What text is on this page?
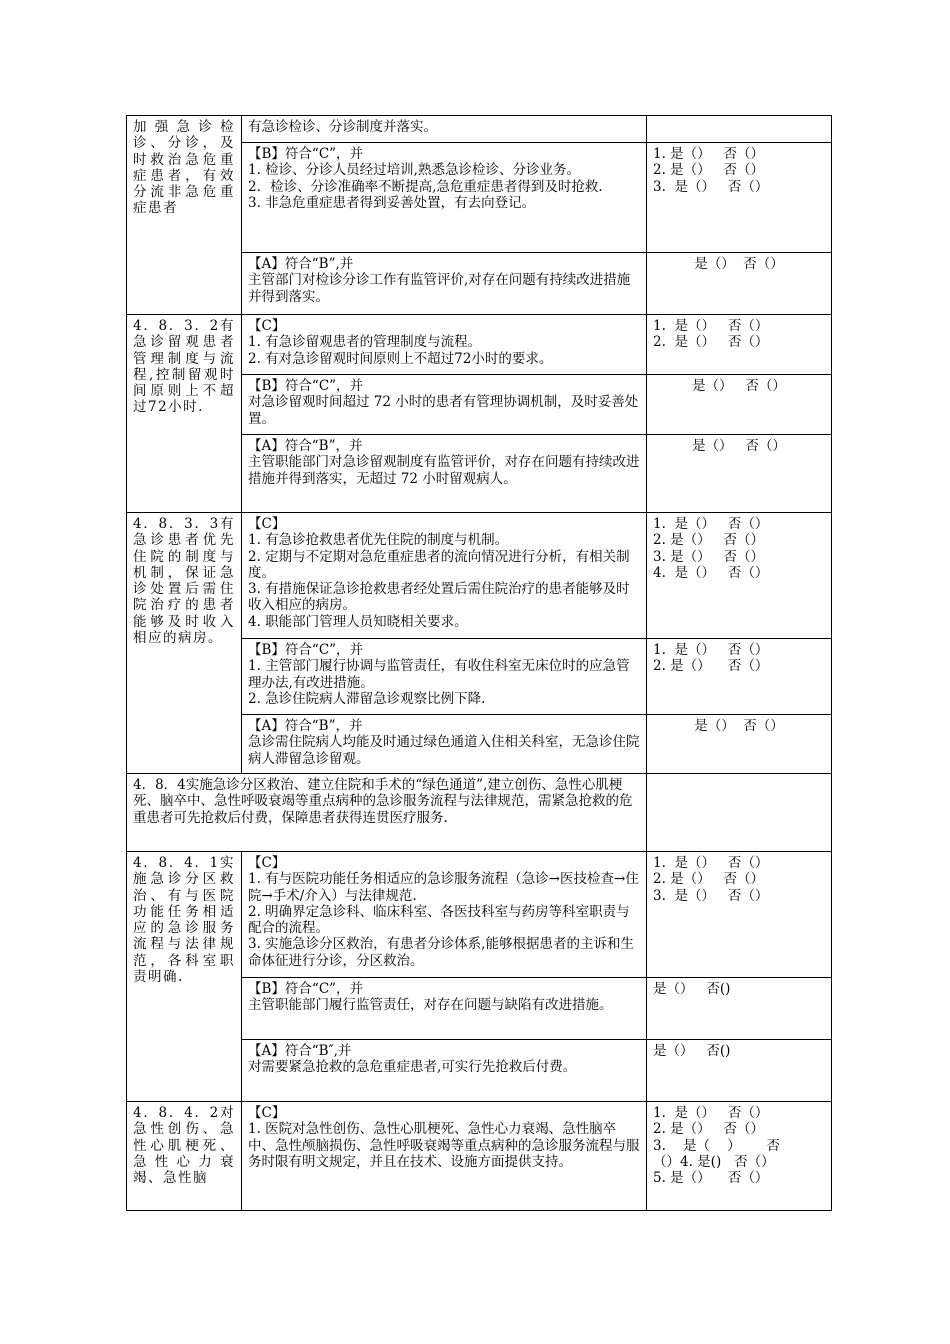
加强急诊检诊、分诊，及时救治急危重症患者，有效分流非急危重症患者	有急诊检诊、分诊制度并落实。	

	【B】符合“C”，并
1. 检诊、分诊人员经过培训,熟悉急诊检诊、分诊业务。
2．检诊、分诊准确率不断提高,急危重症患者得到及时抢救.
3. 非急危重症患者得到妥善处置，有去向登记。	1. 是（）   否（）
2. 是（）   否（）
3.  是（）   否（）

	【A】符合“B”,并
主管部门对检诊分诊工作有监管评价,对存在问题有持续改进措施并得到落实。	是（）  否（）

4．8．3．2有急诊留观患者管理制度与流程,控制留观时间原则上不超过72小时.	【C】
1. 有急诊留观患者的管理制度与流程。
2. 有对急诊留观时间原则上不超过72小时的要求。	1.  是（）   否（）
2.  是（）   否（）

	【B】符合“C”，并
对急诊留观时间超过 72 小时的患者有管理协调机制，及时妥善处置。	是（）   否（）

	【A】符合“B”，并
主管职能部门对急诊留观制度有监管评价，对存在问题有持续改进措施并得到落实，无超过 72 小时留观病人。	是（）   否（）

4．8．3．3有急诊患者优先住院的制度与机制，保证急诊处置后需住院治疗的患者能够及时收入相应的病房。	【C】
1. 有急诊抢救患者优先住院的制度与机制。
2. 定期与不定期对急危重症患者的流向情况进行分析，有相关制度。
3. 有措施保证急诊抢救患者经处置后需住院治疗的患者能够及时收入相应的病房。
4. 职能部门管理人员知晓相关要求。	1.  是（）   否（）
2. 是（）   否（）
3. 是（）   否（）
4.  是（）   否（）

	【B】符合“C”，并
1. 主管部门履行协调与监管责任，有收住科室无床位时的应急管理办法,有改进措施。
2. 急诊住院病人滞留急诊观察比例下降.	1.  是（）   否（）
2. 是（）    否（）

	【A】符合“B”，并
急诊需住院病人均能及时通过绿色通道入住相关科室，无急诊住院病人滞留急诊留观。	是（）  否（）

4．8．4实施急诊分区救治、建立住院和手术的“绿色通道”,建立创伤、急性心肌梗死、脑卒中、急性呼吸衰竭等重点病种的急诊服务流程与法律规范，需紧急抢救的危重患者可先抢救后付费，保障患者获得连贯医疗服务.		

4．8．4．1实施急诊分区救治、有与医院功能任务相适应的急诊服务流程与法律规范，各科室职责明确.	【C】
1. 有与医院功能任务相适应的急诊服务流程（急诊→医技检查→住院→手术/介入）与法律规范.
2. 明确界定急诊科、临床科室、各医技科室与药房等科室职责与配合的流程。
3. 实施急诊分区救治，有患者分诊体系,能够根据患者的主诉和生命体征进行分诊，分区救治。	1.  是（）   否（）
2. 是（）   否（）
3.  是（）   否（）

	【B】符合“C”，并
主管职能部门履行监管责任，对存在问题与缺陷有改进措施。	是（）   否()

	【A】符合“B″,并
对需要紧急抢救的急危重症患者,可实行先抢救后付费。	是（）   否()

4．8．4．2对急性创伤、急性心肌梗死、急性心力衰竭、急性脑	【C】
1. 医院对急性创伤、急性心肌梗死、急性心力衰竭、急性脑卒中、急性颅脑损伤、急性呼吸衰竭等重点病种的急诊服务流程与服务时限有明文规定，并且在技术、设施方面提供支持。	1.  是（）   否（）
2. 是（）   否（）
3.    是（    ）      否
（）4. 是()   否（）
5. 是（）    否（）
